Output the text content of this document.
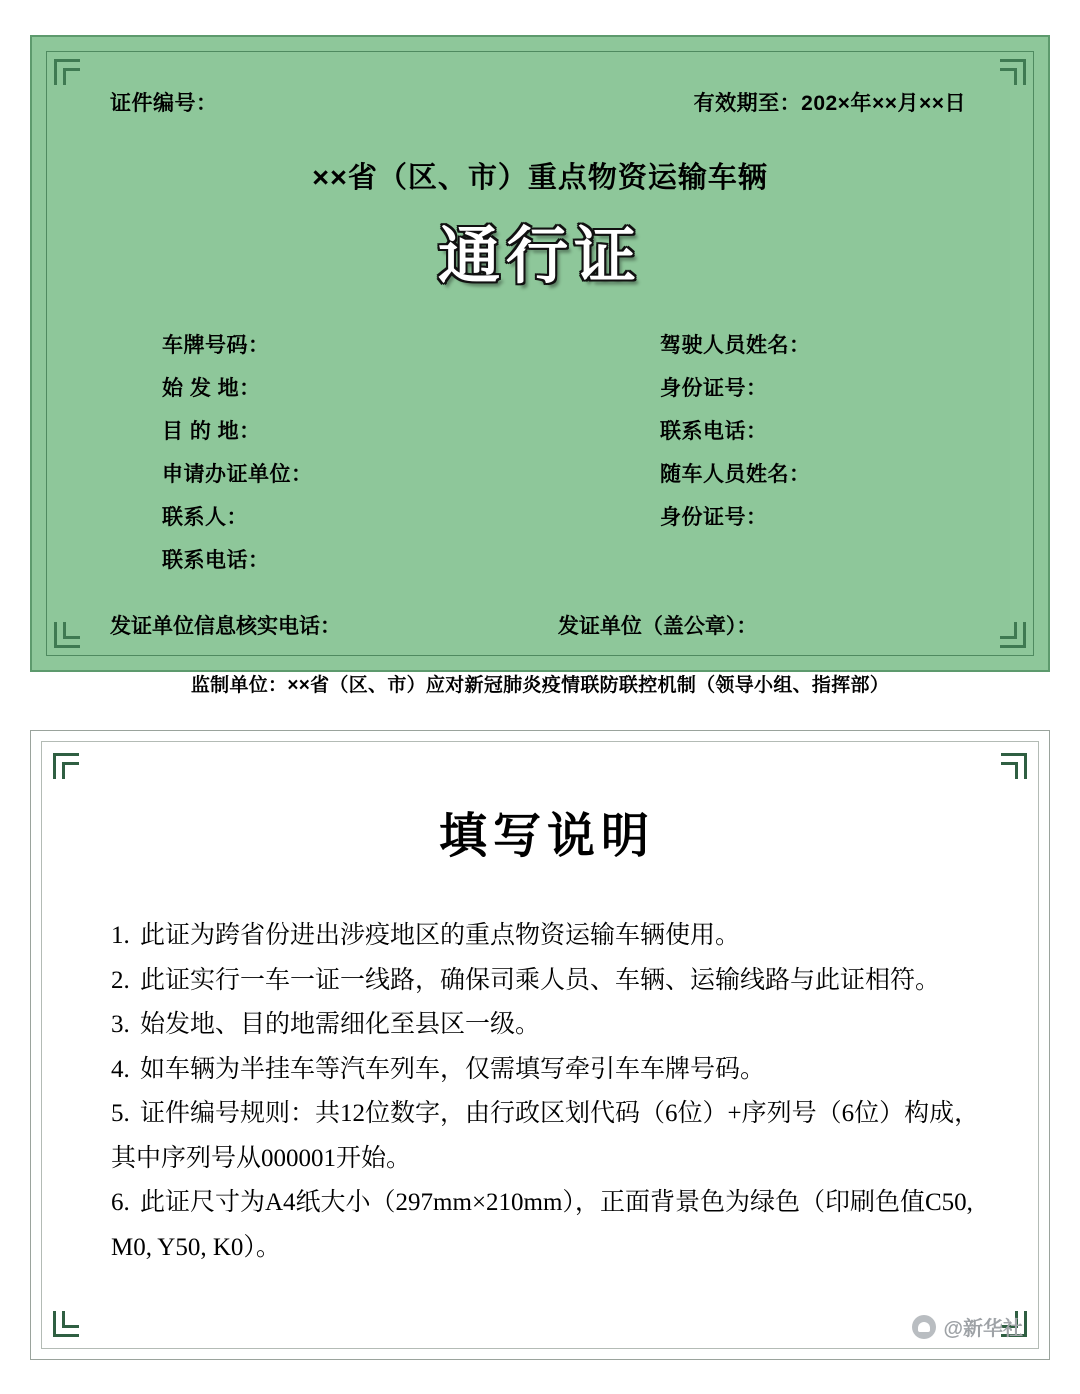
证件编号：	有效期至：202×年××月××日
××省（区、市）重点物资运输车辆
通行证
车牌号码：	驾驶人员姓名：
始 发 地：	身份证号：
目 的 地：	联系电话：
申请办证单位：	随车人员姓名：
联系人：	身份证号：
联系电话：
发证单位信息核实电话：	发证单位（盖公章）：
监制单位：××省（区、市）应对新冠肺炎疫情联防联控机制（领导小组、指挥部）
填写说明
1. 此证为跨省份进出涉疫地区的重点物资运输车辆使用。
2. 此证实行一车一证一线路，确保司乘人员、车辆、运输线路与此证相符。
3. 始发地、目的地需细化至县区一级。
4. 如车辆为半挂车等汽车列车，仅需填写牵引车车牌号码。
5. 证件编号规则：共12位数字，由行政区划代码（6位）+序列号（6位）构成，其中序列号从000001开始。
6. 此证尺寸为A4纸大小（297mm×210mm），正面背景色为绿色（印刷色值C50, M0, Y50, K0）。
@新华社
